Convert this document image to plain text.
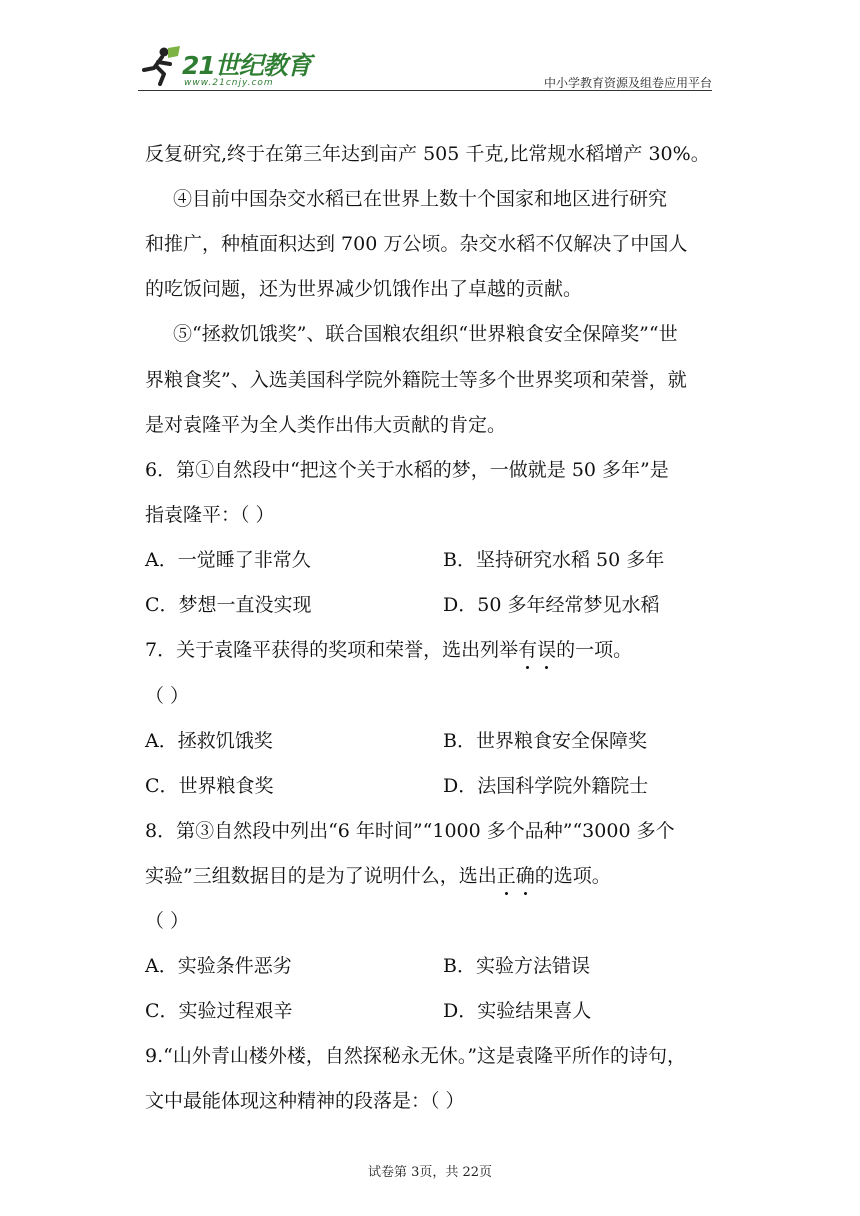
21世纪教育
www.21cnjy.com	中小学教育资源及组卷应用平台
反复研究,终于在第三年达到亩产 505 千克,比常规水稻增产 30%。
④目前中国杂交水稻已在世界上数十个国家和地区进行研究
和推广，种植面积达到 700 万公顷。杂交水稻不仅解决了中国人
的吃饭问题，还为世界减少饥饿作出了卓越的贡献。
⑤“拯救饥饿奖”、联合国粮农组织“世界粮食安全保障奖”“世
界粮食奖”、入选美国科学院外籍院士等多个世界奖项和荣誉，就
是对袁隆平为全人类作出伟大贡献的肯定。
6．第①自然段中“把这个关于水稻的梦，一做就是 50 多年”是
指袁隆平：（ ）
A．一觉睡了非常久	B．坚持研究水稻 50 多年
C．梦想一直没实现	D．50 多年经常梦见水稻
7．关于袁隆平获得的奖项和荣誉，选出列举有误的一项。
（ ）
A．拯救饥饿奖	B．世界粮食安全保障奖
C．世界粮食奖	D．法国科学院外籍院士
8．第③自然段中列出“6 年时间”“1000 多个品种”“3000 多个
实验”三组数据目的是为了说明什么，选出正确的选项。
（ ）
A．实验条件恶劣	B．实验方法错误
C．实验过程艰辛	D．实验结果喜人
9.“山外青山楼外楼，自然探秘永无休。”这是袁隆平所作的诗句，
文中最能体现这种精神的段落是：（ ）
试卷第 3页，共 22页
